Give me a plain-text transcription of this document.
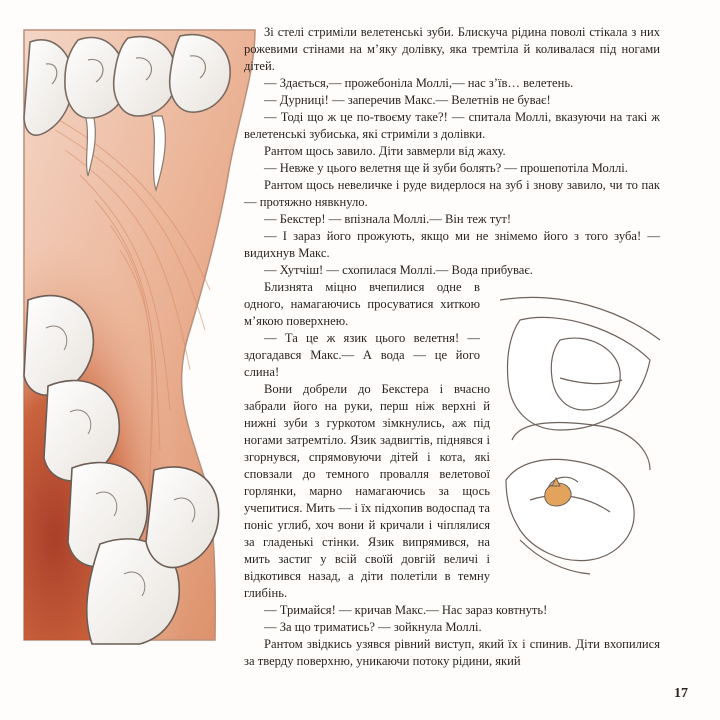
Зі стелі стриміли велетенські зуби. Блискуча рідина поволі стікала з них рожевими стінами на м’яку долівку, яка тремтіла й коливалася під ногами дітей.

— Здається,— прожебоніла Моллі,— нас з’їв… велетень.

— Дурниці! — заперечив Макс.— Велетнів не буває!

— Тоді що ж це по-твоєму таке?! — спитала Моллі, вказуючи на такі ж велетенські зубиська, які стриміли з долівки.

Рантом щось завило. Діти завмерли від жаху.

— Невже у цього велетня ще й зуби болять? — прошепотіла Моллі.

Рантом щось невеличке і руде видерлося на зуб і знову завило, чи то пак — протяжно нявкнуло.

— Бекстер! — впізнала Моллі.— Він теж тут!

— І зараз його прожують, якщо ми не знімемо його з того зуба! — видихнув Макс.

— Хутчіш! — схопилася Моллі.— Вода прибуває.

Близнята міцно вчепилися одне в одного, намагаючись просуватися хиткою м’якою поверхнею.

— Та це ж язик цього велетня! — здогадався Макс.— А вода — це його слина!

Вони добрели до Бекстера і вчасно забрали його на руки, перш ніж верхні й нижні зуби з гуркотом зімкнулись, аж під ногами затремтіло. Язик задвигтів, піднявся і згорнувся, спрямовуючи дітей і кота, які сповзали до темного провалля велетової горлянки, марно намагаючись за щось учепитися. Мить — і їх підхопив водоспад та поніс углиб, хоч вони й кричали і чіплялися за гладенькі стінки. Язик випрямився, на мить застиг у всій своїй довгій величі і відкотився назад, а діти полетіли в темну глибінь.

— Тримайся! — кричав Макс.— Нас зараз ковтнуть!

— За що триматись? — зойкнула Моллі.

Рантом звідкись узявся рівний виступ, який їх і спинив. Діти вхопилися за тверду поверхню, уникаючи потоку рідини, який

17
